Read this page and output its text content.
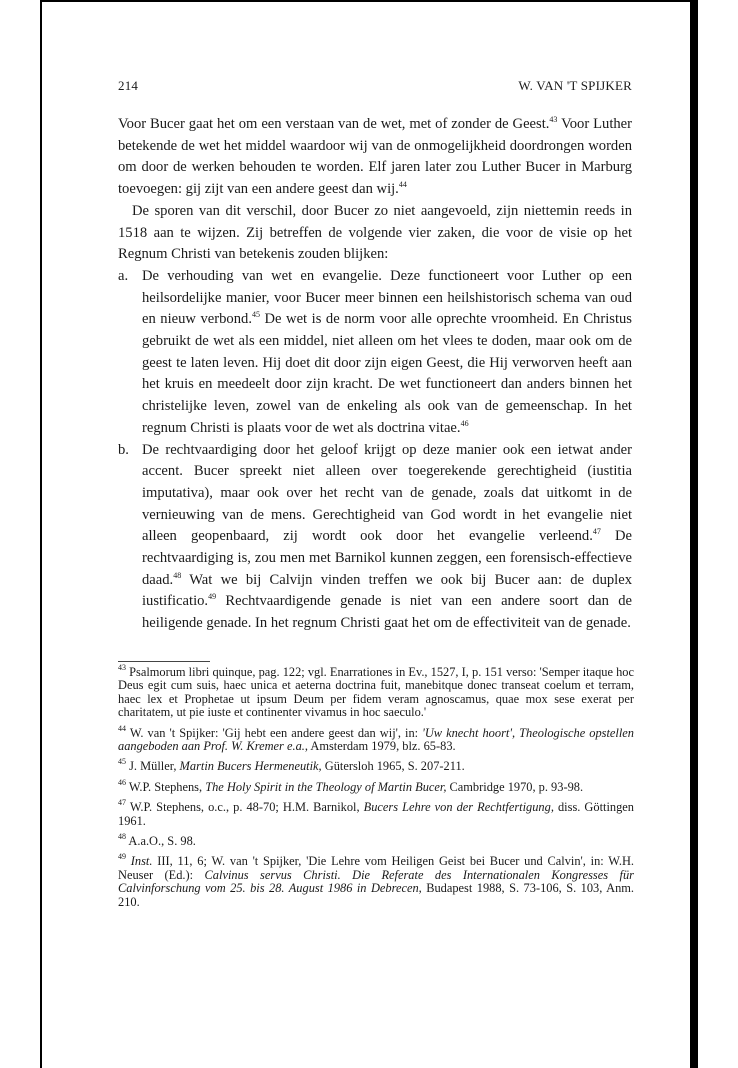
214	W. VAN 'T SPIJKER

Voor Bucer gaat het om een verstaan van de wet, met of zonder de Geest.$^{43}$ Voor Luther betekende de wet het middel waardoor wij van de onmogelijkheid doordrongen worden om door de werken behouden te worden. Elf jaren later zou Luther Bucer in Marburg toevoegen: gij zijt van een andere geest dan wij.$^{44}$

De sporen van dit verschil, door Bucer zo niet aangevoeld, zijn niettemin reeds in 1518 aan te wijzen. Zij betreffen de volgende vier zaken, die voor de visie op het Regnum Christi van betekenis zouden blijken:

a. De verhouding van wet en evangelie. Deze functioneert voor Luther op een heilsordelijke manier, voor Bucer meer binnen een heilshistorisch schema van oud en nieuw verbond.$^{45}$ De wet is de norm voor alle oprechte vroomheid. En Christus gebruikt de wet als een middel, niet alleen om het vlees te doden, maar ook om de geest te laten leven. Hij doet dit door zijn eigen Geest, die Hij verworven heeft aan het kruis en meedeelt door zijn kracht. De wet functioneert dan anders binnen het christelijke leven, zowel van de enkeling als ook van de gemeenschap. In het regnum Christi is plaats voor de wet als doctrina vitae.$^{46}$
b. De rechtvaardiging door het geloof krijgt op deze manier ook een ietwat ander accent. Bucer spreekt niet alleen over toegerekende gerechtigheid (iustitia imputativa), maar ook over het recht van de genade, zoals dat uitkomt in de vernieuwing van de mens. Gerechtigheid van God wordt in het evangelie niet alleen geopenbaard, zij wordt ook door het evangelie verleend.$^{47}$ De rechtvaardiging is, zou men met Barnikol kunnen zeggen, een forensisch-effectieve daad.$^{48}$ Wat we bij Calvijn vinden treffen we ook bij Bucer aan: de duplex iustificatio.$^{49}$ Rechtvaardigende genade is niet van een andere soort dan de heiligende genade. In het regnum Christi gaat het om de effectiviteit van de genade.

$^{43}$ Psalmorum libri quinque, pag. 122; vgl. Enarrationes in Ev., 1527, I, p. 151 verso: 'Semper itaque hoc Deus egit cum suis, haec unica et aeterna doctrina fuit, manebitque donec transeat coelum et terram, haec lex et Prophetae ut ipsum Deum per fidem veram agnoscamus, quae mox sese exerat per charitatem, ut pie iuste et continenter vivamus in hoc saeculo.'

$^{44}$ W. van 't Spijker: 'Gij hebt een andere geest dan wij', in: 'Uw knecht hoort', Theologische opstellen aangeboden aan Prof. W. Kremer e.a., Amsterdam 1979, blz. 65-83.

$^{45}$ J. Müller, Martin Bucers Hermeneutik, Gütersloh 1965, S. 207-211.

$^{46}$ W.P. Stephens, The Holy Spirit in the Theology of Martin Bucer, Cambridge 1970, p. 93-98.

$^{47}$ W.P. Stephens, o.c., p. 48-70; H.M. Barnikol, Bucers Lehre von der Rechtfertigung, diss. Göttingen 1961.

$^{48}$ A.a.O., S. 98.

$^{49}$ Inst. III, 11, 6; W. van 't Spijker, 'Die Lehre vom Heiligen Geist bei Bucer und Calvin', in: W.H. Neuser (Ed.): Calvinus servus Christi. Die Referate des Internationalen Kongresses für Calvinforschung vom 25. bis 28. August 1986 in Debrecen, Budapest 1988, S. 73-106, S. 103, Anm. 210.
